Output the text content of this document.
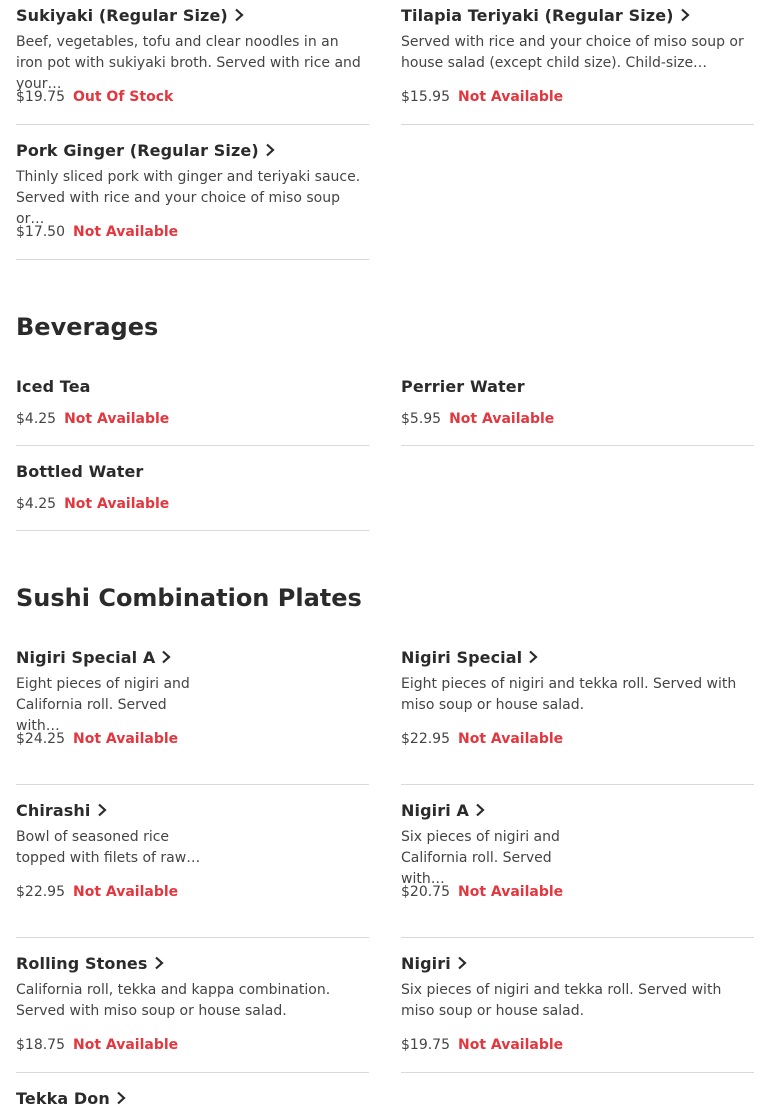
Sukiyaki (Regular Size)
Beef, vegetables, tofu and clear noodles in an iron pot with sukiyaki broth. Served with rice and your…
$19.75 Out Of Stock
Tilapia Teriyaki (Regular Size)
Served with rice and your choice of miso soup or house salad (except child size). Child-size…
$15.95 Not Available
Pork Ginger (Regular Size)
Thinly sliced pork with ginger and teriyaki sauce. Served with rice and your choice of miso soup or…
$17.50 Not Available
Beverages
Iced Tea
$4.25 Not Available
Perrier Water
$5.95 Not Available
Bottled Water
$4.25 Not Available
Sushi Combination Plates
Nigiri Special A
Eight pieces of nigiri and California roll. Served with…
$24.25 Not Available
Nigiri Special
Eight pieces of nigiri and tekka roll. Served with miso soup or house salad.
$22.95 Not Available
Chirashi
Bowl of seasoned rice topped with filets of raw…
$22.95 Not Available
Nigiri A
Six pieces of nigiri and California roll. Served with…
$20.75 Not Available
Rolling Stones
California roll, tekka and kappa combination. Served with miso soup or house salad.
$18.75 Not Available
Nigiri
Six pieces of nigiri and tekka roll. Served with miso soup or house salad.
$19.75 Not Available
Tekka Don
